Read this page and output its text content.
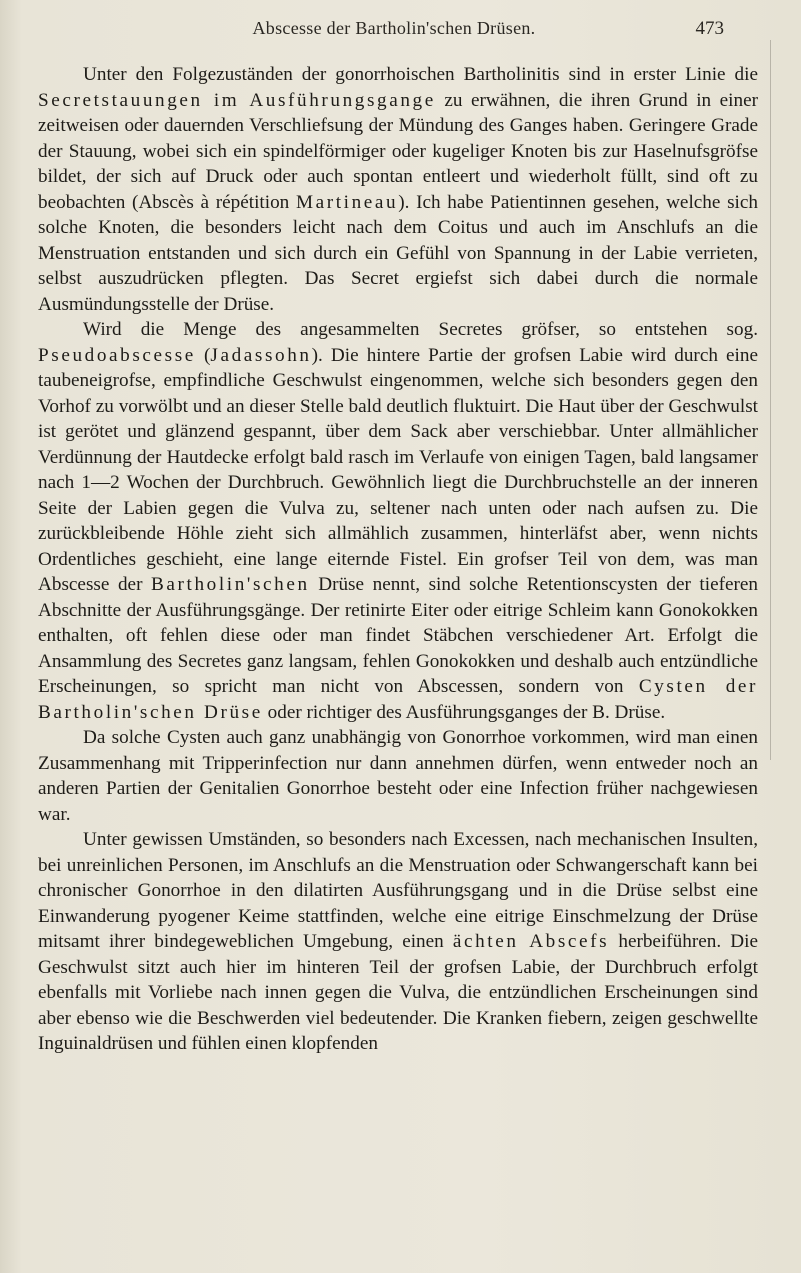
Abscesse der Bartholin'schen Drüsen.	473

Unter den Folgezuständen der gonorrhoischen Bartholinitis sind in erster Linie die Secretstauungen im Ausführungsgange zu erwähnen, die ihren Grund in einer zeitweisen oder dauernden Verschliefsung der Mündung des Ganges haben. Geringere Grade der Stauung, wobei sich ein spindelförmiger oder kugeliger Knoten bis zur Haselnufsgröfse bildet, der sich auf Druck oder auch spontan entleert und wiederholt füllt, sind oft zu beobachten (Abscès à répétition Martineau). Ich habe Patientinnen gesehen, welche sich solche Knoten, die besonders leicht nach dem Coitus und auch im Anschlufs an die Menstruation entstanden und sich durch ein Gefühl von Spannung in der Labie verrieten, selbst auszudrücken pflegten. Das Secret ergiefst sich dabei durch die normale Ausmündungsstelle der Drüse.

Wird die Menge des angesammelten Secretes gröfser, so entstehen sog. Pseudoabscesse (Jadassohn). Die hintere Partie der grofsen Labie wird durch eine taubeneigrofse, empfindliche Geschwulst eingenommen, welche sich besonders gegen den Vorhof zu vorwölbt und an dieser Stelle bald deutlich fluktuirt. Die Haut über der Geschwulst ist gerötet und glänzend gespannt, über dem Sack aber verschiebbar. Unter allmählicher Verdünnung der Hautdecke erfolgt bald rasch im Verlaufe von einigen Tagen, bald langsamer nach 1—2 Wochen der Durchbruch. Gewöhnlich liegt die Durchbruchstelle an der inneren Seite der Labien gegen die Vulva zu, seltener nach unten oder nach aufsen zu. Die zurückbleibende Höhle zieht sich allmählich zusammen, hinterläfst aber, wenn nichts Ordentliches geschieht, eine lange eiternde Fistel. Ein grofser Teil von dem, was man Abscesse der Bartholin'schen Drüse nennt, sind solche Retentionscysten der tieferen Abschnitte der Ausführungsgänge. Der retinirte Eiter oder eitrige Schleim kann Gonokokken enthalten, oft fehlen diese oder man findet Stäbchen verschiedener Art. Erfolgt die Ansammlung des Secretes ganz langsam, fehlen Gonokokken und deshalb auch entzündliche Erscheinungen, so spricht man nicht von Abscessen, sondern von Cysten der Bartholin'schen Drüse oder richtiger des Ausführungsganges der B. Drüse.

Da solche Cysten auch ganz unabhängig von Gonorrhoe vorkommen, wird man einen Zusammenhang mit Tripperinfection nur dann annehmen dürfen, wenn entweder noch an anderen Partien der Genitalien Gonorrhoe besteht oder eine Infection früher nachgewiesen war.

Unter gewissen Umständen, so besonders nach Excessen, nach mechanischen Insulten, bei unreinlichen Personen, im Anschlufs an die Menstruation oder Schwangerschaft kann bei chronischer Gonorrhoe in den dilatirten Ausführungsgang und in die Drüse selbst eine Einwanderung pyogener Keime stattfinden, welche eine eitrige Einschmelzung der Drüse mitsamt ihrer bindegeweblichen Umgebung, einen ächten Abscefs herbeiführen. Die Geschwulst sitzt auch hier im hinteren Teil der grofsen Labie, der Durchbruch erfolgt ebenfalls mit Vorliebe nach innen gegen die Vulva, die entzündlichen Erscheinungen sind aber ebenso wie die Beschwerden viel bedeutender. Die Kranken fiebern, zeigen geschwellte Inguinaldrüsen und fühlen einen klopfenden
